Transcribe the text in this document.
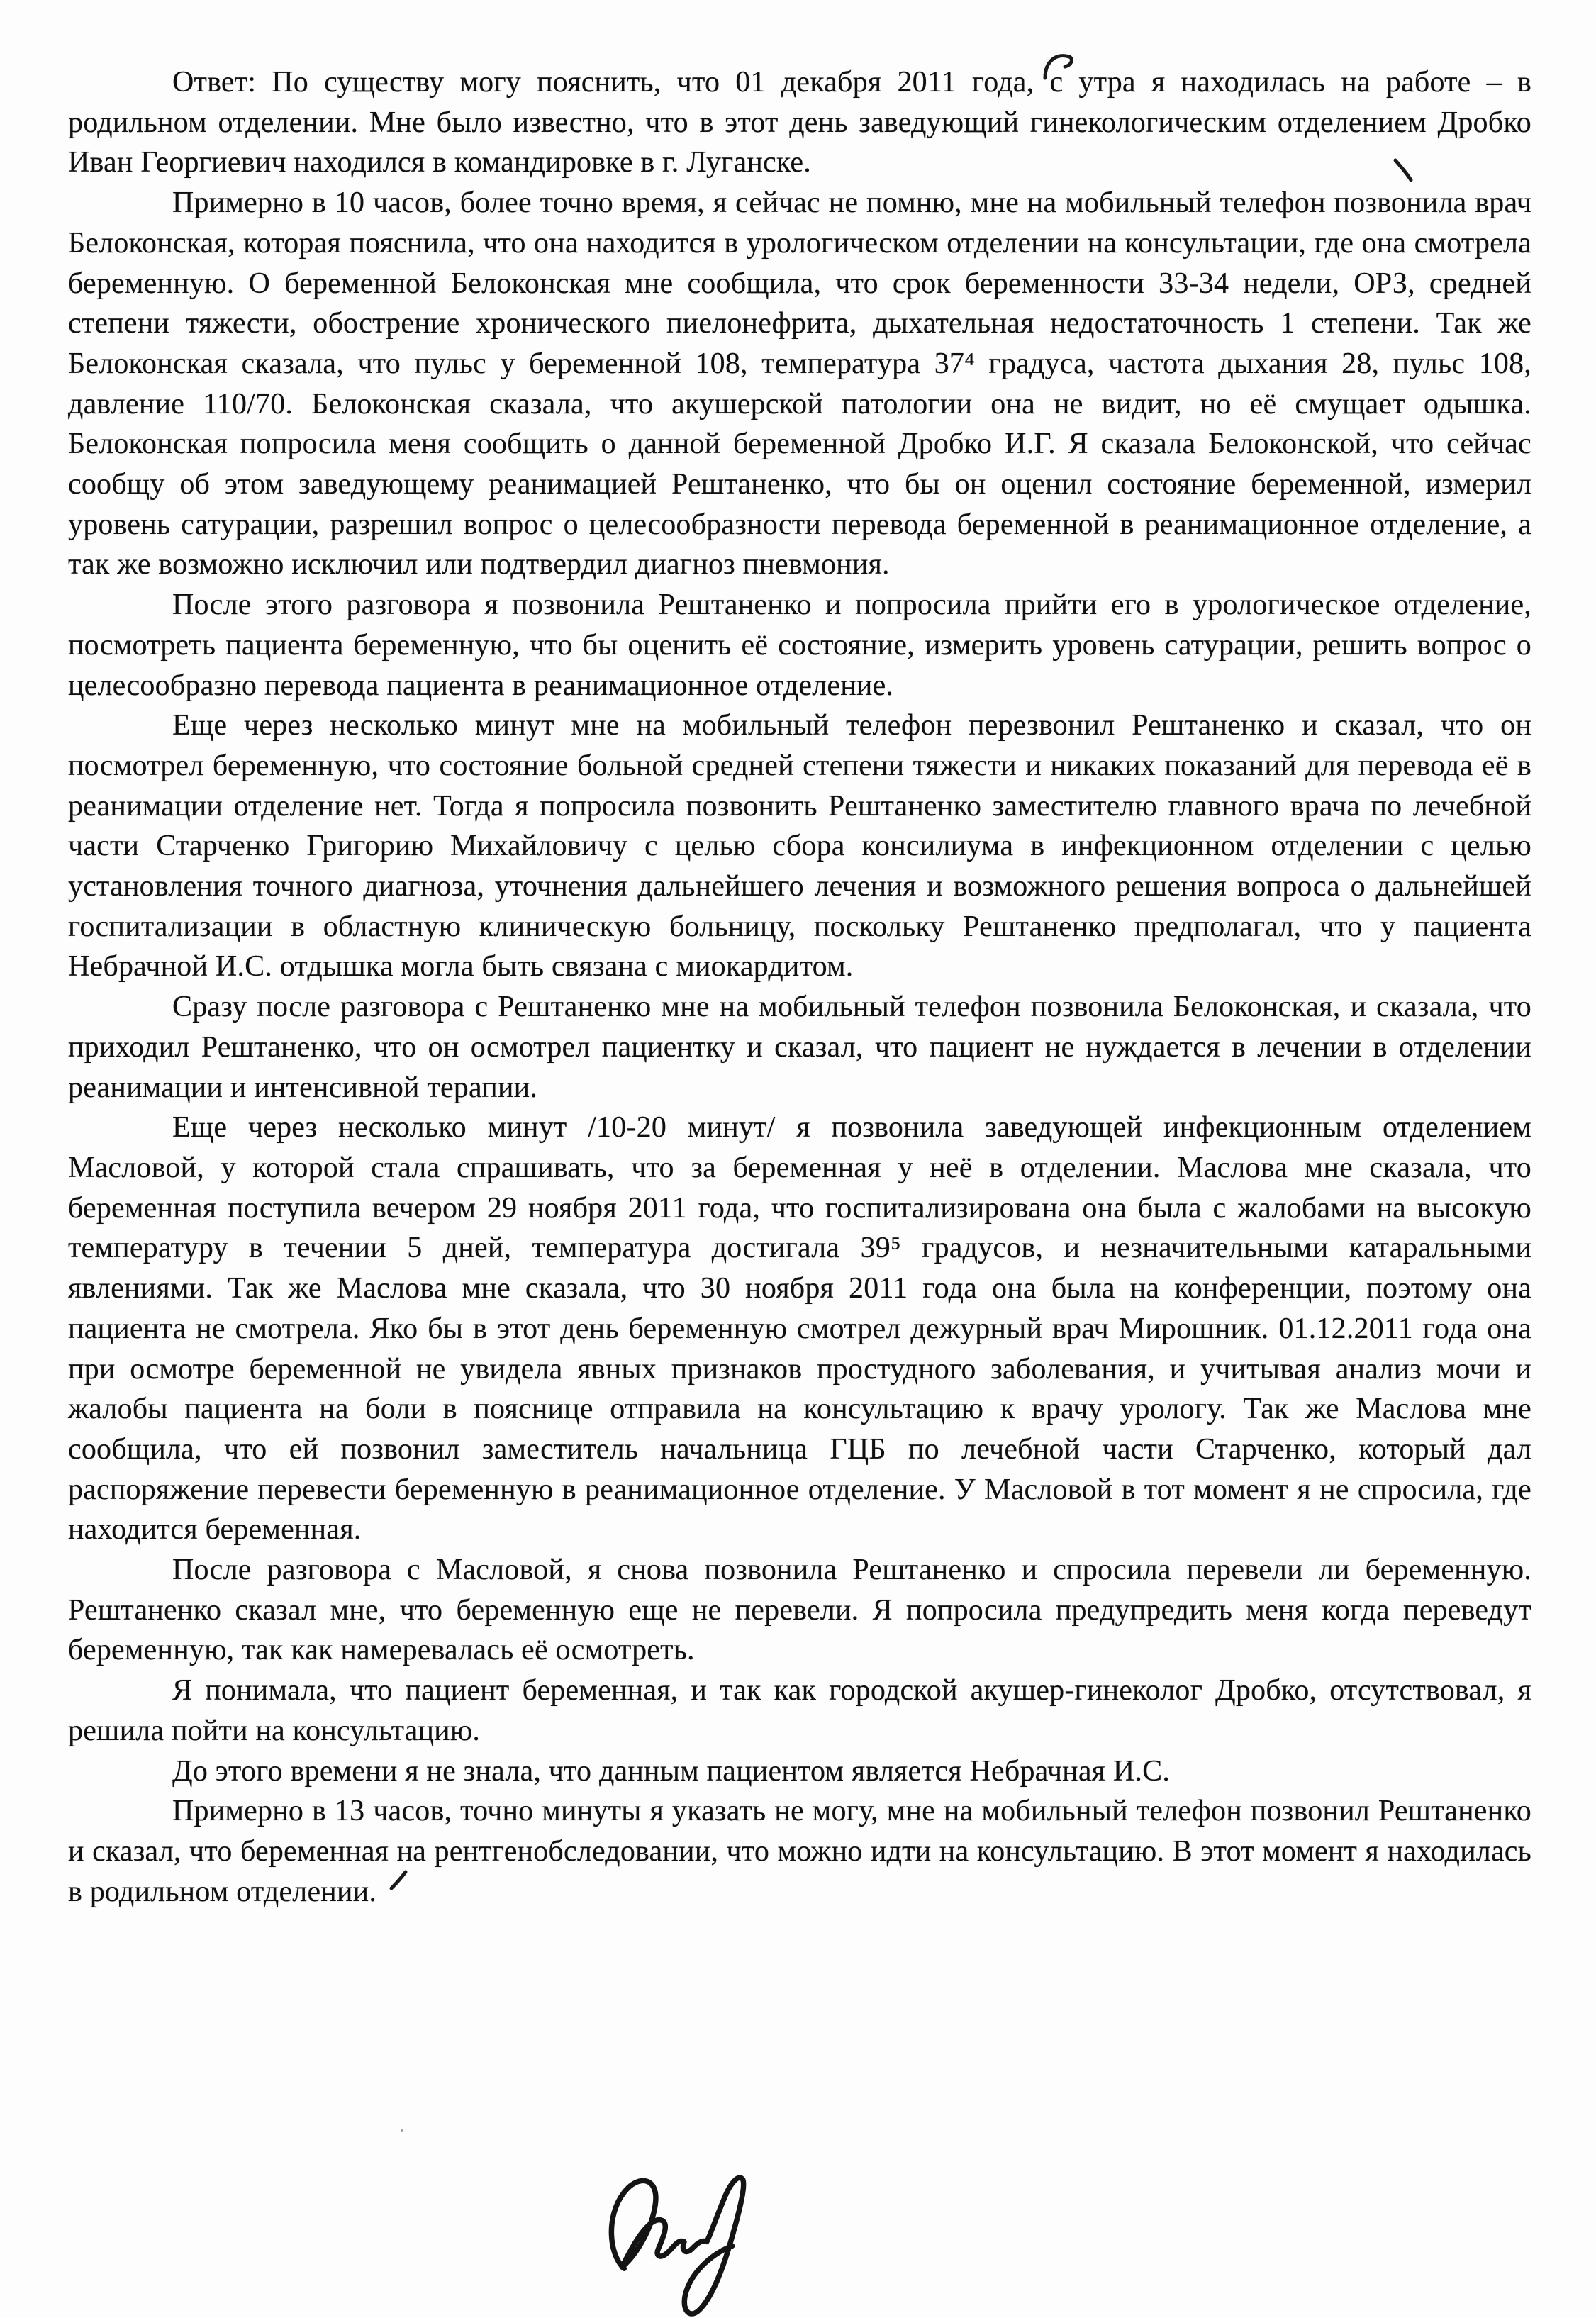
Ответ: По существу могу пояснить, что 01 декабря 2011 года, с утра я находилась на работе – в родильном отделении. Мне было известно, что в этот день заведующий гинекологическим отделением Дробко Иван Георгиевич находился в командировке в г. Луганске.

Примерно в 10 часов, более точно время, я сейчас не помню, мне на мобильный телефон позвонила врач Белоконская, которая пояснила, что она находится в урологическом отделении на консультации, где она смотрела беременную. О беременной Белоконская мне сообщила, что срок беременности 33-34 недели, ОРЗ, средней степени тяжести, обострение хронического пиелонефрита, дыхательная недостаточность 1 степени. Так же Белоконская сказала, что пульс у беременной 108, температура 37⁴ градуса, частота дыхания 28, пульс 108, давление 110/70. Белоконская сказала, что акушерской патологии она не видит, но её смущает одышка. Белоконская попросила меня сообщить о данной беременной Дробко И.Г. Я сказала Белоконской, что сейчас сообщу об этом заведующему реанимацией Рештаненко, что бы он оценил состояние беременной, измерил уровень сатурации, разрешил вопрос о целесообразности перевода беременной в реанимационное отделение, а так же возможно исключил или подтвердил диагноз пневмония.

После этого разговора я позвонила Рештаненко и попросила прийти его в урологическое отделение, посмотреть пациента беременную, что бы оценить её состояние, измерить уровень сатурации, решить вопрос о целесообразно перевода пациента в реанимационное отделение.

Еще через несколько минут мне на мобильный телефон перезвонил Рештаненко и сказал, что он посмотрел беременную, что состояние больной средней степени тяжести и никаких показаний для перевода её в реанимации отделение нет. Тогда я попросила позвонить Рештаненко заместителю главного врача по лечебной части Старченко Григорию Михайловичу с целью сбора консилиума в инфекционном отделении с целью установления точного диагноза, уточнения дальнейшего лечения и возможного решения вопроса о дальнейшей госпитализации в областную клиническую больницу, поскольку Рештаненко предполагал, что у пациента Небрачной И.С. отдышка могла быть связана с миокардитом.

Сразу после разговора с Рештаненко мне на мобильный телефон позвонила Белоконская, и сказала, что приходил Рештаненко, что он осмотрел пациентку и сказал, что пациент не нуждается в лечении в отделении реанимации и интенсивной терапии.

Еще через несколько минут /10-20 минут/ я позвонила заведующей инфекционным отделением Масловой, у которой стала спрашивать, что за беременная у неё в отделении. Маслова мне сказала, что беременная поступила вечером 29 ноября 2011 года, что госпитализирована она была с жалобами на высокую температуру в течении 5 дней, температура достигала 39⁵ градусов, и незначительными катаральными явлениями. Так же Маслова мне сказала, что 30 ноября 2011 года она была на конференции, поэтому она пациента не смотрела. Яко бы в этот день беременную смотрел дежурный врач Мирошник. 01.12.2011 года она при осмотре беременной не увидела явных признаков простудного заболевания, и учитывая анализ мочи и жалобы пациента на боли в пояснице отправила на консультацию к врачу урологу. Так же Маслова мне сообщила, что ей позвонил заместитель начальница ГЦБ по лечебной части Старченко, который дал распоряжение перевести беременную в реанимационное отделение. У Масловой в тот момент я не спросила, где находится беременная.

После разговора с Масловой, я снова позвонила Рештаненко и спросила перевели ли беременную. Рештаненко сказал мне, что беременную еще не перевели. Я попросила предупредить меня когда переведут беременную, так как намеревалась её осмотреть.

Я понимала, что пациент беременная, и так как городской акушер-гинеколог Дробко, отсутствовал, я решила пойти на консультацию.

До этого времени я не знала, что данным пациентом является Небрачная И.С.

Примерно в 13 часов, точно минуты я указать не могу, мне на мобильный телефон позвонил Рештаненко и сказал, что беременная на рентгенобследовании, что можно идти на консультацию. В этот момент я находилась в родильном отделении.
